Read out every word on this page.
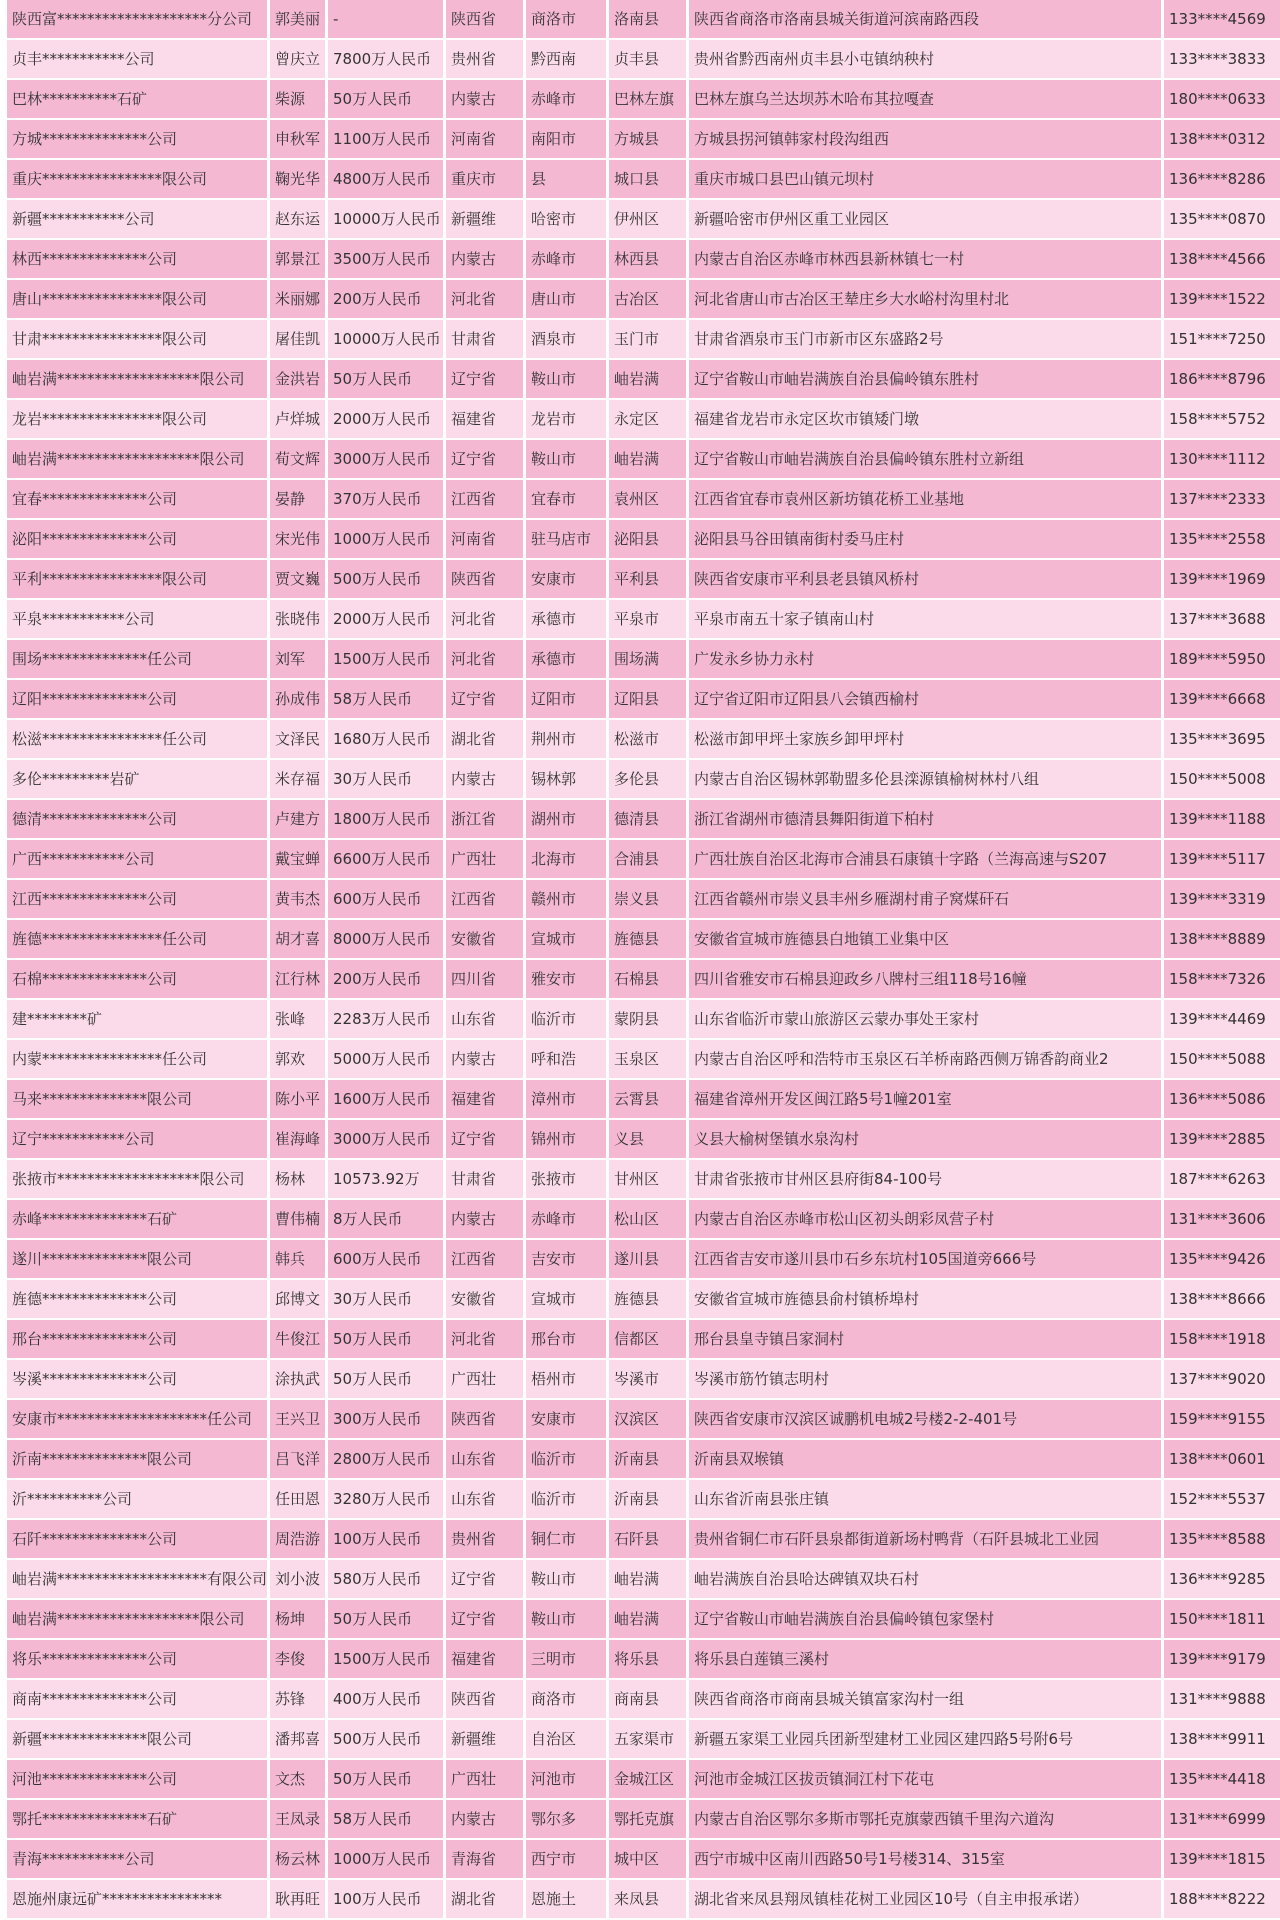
陕西富********************分公司	郭美丽	-	陕西省	商洛市	洛南县	陕西省商洛市洛南县城关街道河滨南路西段	133****4569
贞丰***********公司	曾庆立	7800万人民币	贵州省	黔西南	贞丰县	贵州省黔西南州贞丰县小屯镇纳秧村	133****3833
巴林**********石矿	柴源	50万人民币	内蒙古	赤峰市	巴林左旗	巴林左旗乌兰达坝苏木哈布其拉嘎查	180****0633
方城**************公司	申秋军	1100万人民币	河南省	南阳市	方城县	方城县拐河镇韩家村段沟组西	138****0312
重庆****************限公司	鞠光华	4800万人民币	重庆市	县	城口县	重庆市城口县巴山镇元坝村	136****8286
新疆***********公司	赵东运	10000万人民币	新疆维	哈密市	伊州区	新疆哈密市伊州区重工业园区	135****0870
林西**************公司	郭景江	3500万人民币	内蒙古	赤峰市	林西县	内蒙古自治区赤峰市林西县新林镇七一村	138****4566
唐山****************限公司	米丽娜	200万人民币	河北省	唐山市	古冶区	河北省唐山市古冶区王辇庄乡大水峪村沟里村北	139****1522
甘肃****************限公司	屠佳凯	10000万人民币	甘肃省	酒泉市	玉门市	甘肃省酒泉市玉门市新市区东盛路2号	151****7250
岫岩满*******************限公司	金洪岩	50万人民币	辽宁省	鞍山市	岫岩满	辽宁省鞍山市岫岩满族自治县偏岭镇东胜村	186****8796
龙岩****************限公司	卢烊城	2000万人民币	福建省	龙岩市	永定区	福建省龙岩市永定区坎市镇矮门墩	158****5752
岫岩满*******************限公司	荀文辉	3000万人民币	辽宁省	鞍山市	岫岩满	辽宁省鞍山市岫岩满族自治县偏岭镇东胜村立新组	130****1112
宜春**************公司	晏静	370万人民币	江西省	宜春市	袁州区	江西省宜春市袁州区新坊镇花桥工业基地	137****2333
泌阳**************公司	宋光伟	1000万人民币	河南省	驻马店市	泌阳县	泌阳县马谷田镇南街村委马庄村	135****2558
平利****************限公司	贾文巍	500万人民币	陕西省	安康市	平利县	陕西省安康市平利县老县镇风桥村	139****1969
平泉***********公司	张晓伟	2000万人民币	河北省	承德市	平泉市	平泉市南五十家子镇南山村	137****3688
围场**************任公司	刘军	1500万人民币	河北省	承德市	围场满	广发永乡协力永村	189****5950
辽阳**************公司	孙成伟	58万人民币	辽宁省	辽阳市	辽阳县	辽宁省辽阳市辽阳县八会镇西榆村	139****6668
松滋****************任公司	文泽民	1680万人民币	湖北省	荆州市	松滋市	松滋市卸甲坪土家族乡卸甲坪村	135****3695
多伦*********岩矿	米存福	30万人民币	内蒙古	锡林郭	多伦县	内蒙古自治区锡林郭勒盟多伦县滦源镇榆树林村八组	150****5008
德清**************公司	卢建方	1800万人民币	浙江省	湖州市	德清县	浙江省湖州市德清县舞阳街道下柏村	139****1188
广西***********公司	戴宝蝉	6600万人民币	广西壮	北海市	合浦县	广西壮族自治区北海市合浦县石康镇十字路（兰海高速与S207	139****5117
江西**************公司	黄韦杰	600万人民币	江西省	赣州市	崇义县	江西省赣州市崇义县丰州乡雁湖村甫子窝煤矸石	139****3319
旌德****************任公司	胡才喜	8000万人民币	安徽省	宣城市	旌德县	安徽省宣城市旌德县白地镇工业集中区	138****8889
石棉**************公司	江行林	200万人民币	四川省	雅安市	石棉县	四川省雅安市石棉县迎政乡八牌村三组118号16幢	158****7326
建********矿	张峰	2283万人民币	山东省	临沂市	蒙阴县	山东省临沂市蒙山旅游区云蒙办事处王家村	139****4469
内蒙****************任公司	郭欢	5000万人民币	内蒙古	呼和浩	玉泉区	内蒙古自治区呼和浩特市玉泉区石羊桥南路西侧万锦香韵商业2	150****5088
马来**************限公司	陈小平	1600万人民币	福建省	漳州市	云霄县	福建省漳州开发区闽江路5号1幢201室	136****5086
辽宁***********公司	崔海峰	3000万人民币	辽宁省	锦州市	义县	义县大榆树堡镇水泉沟村	139****2885
张掖市*******************限公司	杨林	10573.92万	甘肃省	张掖市	甘州区	甘肃省张掖市甘州区县府街84-100号	187****6263
赤峰**************石矿	曹伟楠	8万人民币	内蒙古	赤峰市	松山区	内蒙古自治区赤峰市松山区初头朗彩凤营子村	131****3606
遂川**************限公司	韩兵	600万人民币	江西省	吉安市	遂川县	江西省吉安市遂川县巾石乡东坑村105国道旁666号	135****9426
旌德**************公司	邱博文	30万人民币	安徽省	宣城市	旌德县	安徽省宣城市旌德县俞村镇桥埠村	138****8666
邢台**************公司	牛俊江	50万人民币	河北省	邢台市	信都区	邢台县皇寺镇吕家洞村	158****1918
岑溪**************公司	涂执武	50万人民币	广西壮	梧州市	岑溪市	岑溪市筋竹镇志明村	137****9020
安康市********************任公司	王兴卫	300万人民币	陕西省	安康市	汉滨区	陕西省安康市汉滨区诚鹏机电城2号楼2-2-401号	159****9155
沂南**************限公司	吕飞洋	2800万人民币	山东省	临沂市	沂南县	沂南县双堠镇	138****0601
沂**********公司	任田恩	3280万人民币	山东省	临沂市	沂南县	山东省沂南县张庄镇	152****5537
石阡**************公司	周浩游	100万人民币	贵州省	铜仁市	石阡县	贵州省铜仁市石阡县泉都街道新场村鸭背（石阡县城北工业园	135****8588
岫岩满********************有限公司	刘小波	580万人民币	辽宁省	鞍山市	岫岩满	岫岩满族自治县哈达碑镇双块石村	136****9285
岫岩满*******************限公司	杨坤	50万人民币	辽宁省	鞍山市	岫岩满	辽宁省鞍山市岫岩满族自治县偏岭镇包家堡村	150****1811
将乐**************公司	李俊	1500万人民币	福建省	三明市	将乐县	将乐县白莲镇三溪村	139****9179
商南**************公司	苏锋	400万人民币	陕西省	商洛市	商南县	陕西省商洛市商南县城关镇富家沟村一组	131****9888
新疆**************限公司	潘邦喜	500万人民币	新疆维	自治区	五家渠市	新疆五家渠工业园兵团新型建材工业园区建四路5号附6号	138****9911
河池**************公司	文杰	50万人民币	广西壮	河池市	金城江区	河池市金城江区拔贡镇洞江村下花屯	135****4418
鄂托**************石矿	王凤录	58万人民币	内蒙古	鄂尔多	鄂托克旗	内蒙古自治区鄂尔多斯市鄂托克旗蒙西镇千里沟六道沟	131****6999
青海***********公司	杨云林	1000万人民币	青海省	西宁市	城中区	西宁市城中区南川西路50号1号楼314、315室	139****1815
恩施州康远矿****************	耿再旺	100万人民币	湖北省	恩施土	来凤县	湖北省来凤县翔凤镇桂花树工业园区10号（自主申报承诺）	188****8222
